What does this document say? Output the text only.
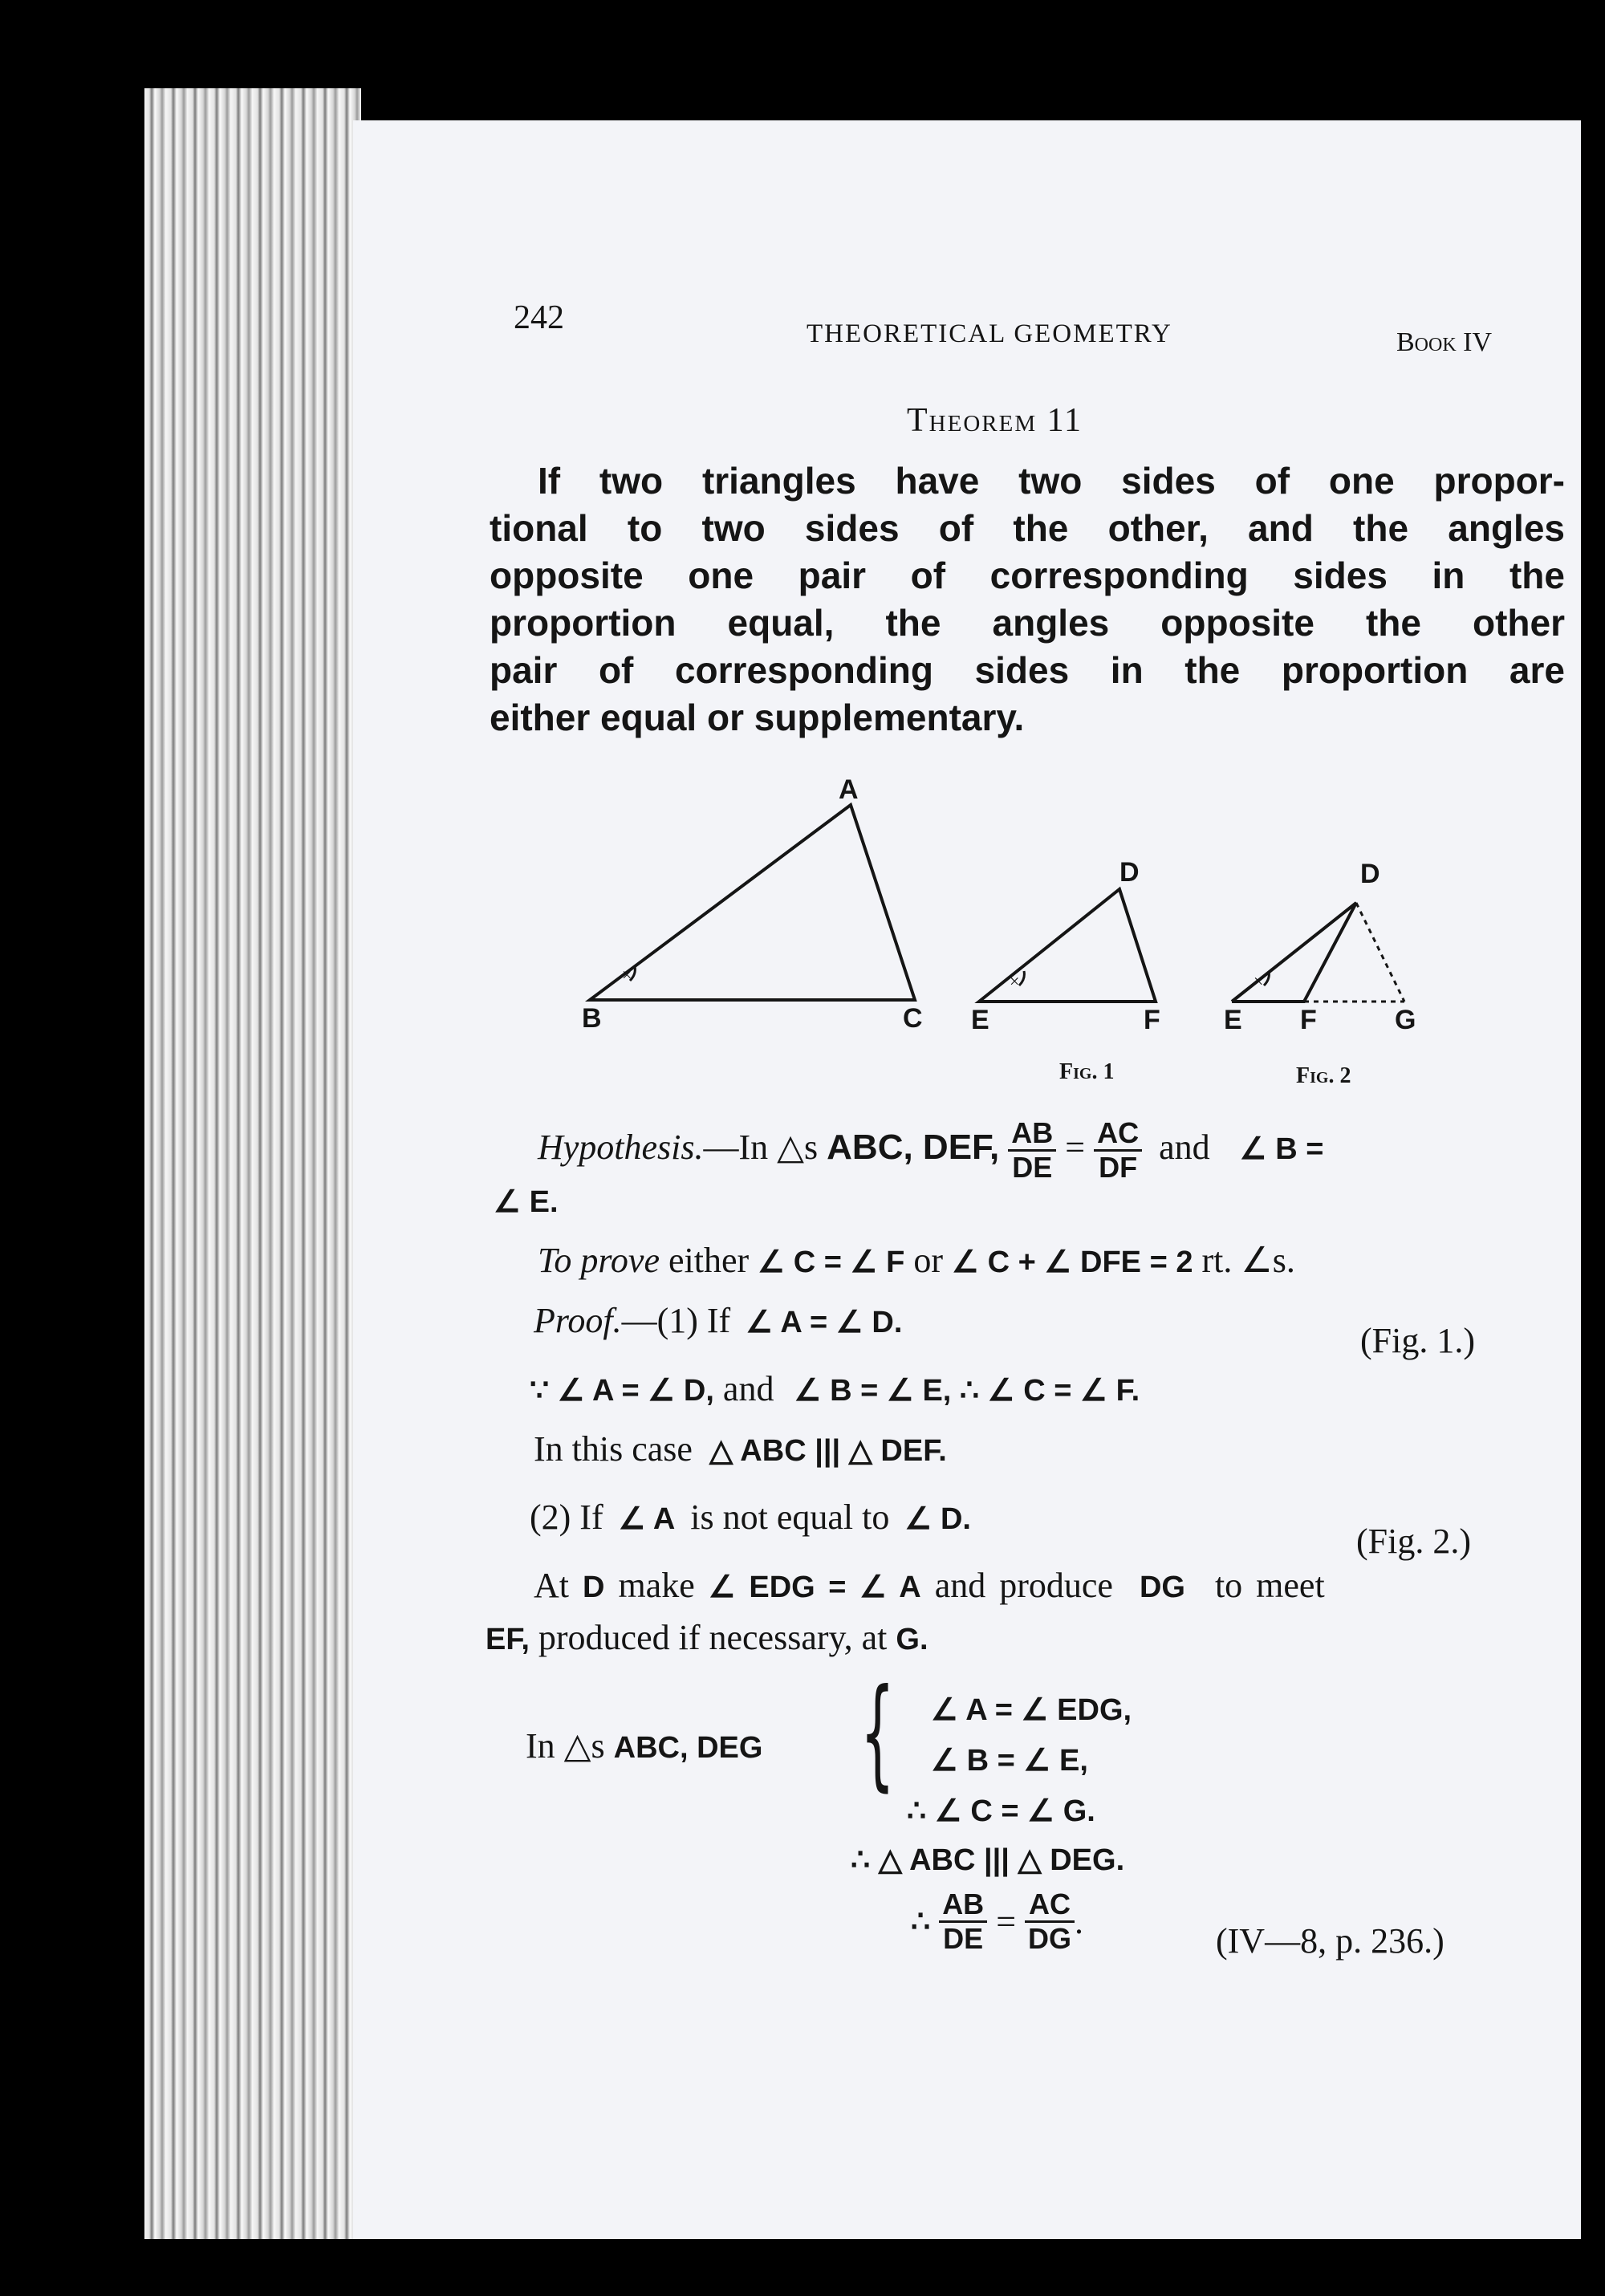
242	THEORETICAL GEOMETRY	Book IV
Theorem 11
If two triangles have two sides of one propor-
tional to two sides of the other, and the angles
opposite one pair of corresponding sides in the
proportion equal, the angles opposite the other
pair of corresponding sides in the proportion are
either equal or supplementary.
×	×	×
A
B	C
D
E	F
D
E F	G
Fig. 1	Fig. 2
Hypothesis.—In △s ABC, DEF, $\frac{AB}{DE} = \frac{AC}{DF}$ and ∠ B =
∠ E.
To prove either ∠ C = ∠ F or ∠ C + ∠ DFE = 2 rt. ∠s.
Proof.—(1) If ∠ A = ∠ D.	(Fig. 1.)
∵ ∠ A = ∠ D, and ∠ B = ∠ E, ∴ ∠ C = ∠ F.
In this case △ ABC ||| △ DEF.
(2) If ∠ A is not equal to ∠ D.
(Fig. 2.)
At D make ∠ EDG = ∠ A and produce DG to meet
EF, produced if necessary, at G.
In △s ABC, DEG {	∠ A = ∠ EDG,
∠ B = ∠ E,
∴ ∠ C = ∠ G.
∴ △ ABC ||| △ DEG.
∴ $\frac{AB}{DE} = \frac{AC}{DG}$ .	(IV—8, p. 236.)
